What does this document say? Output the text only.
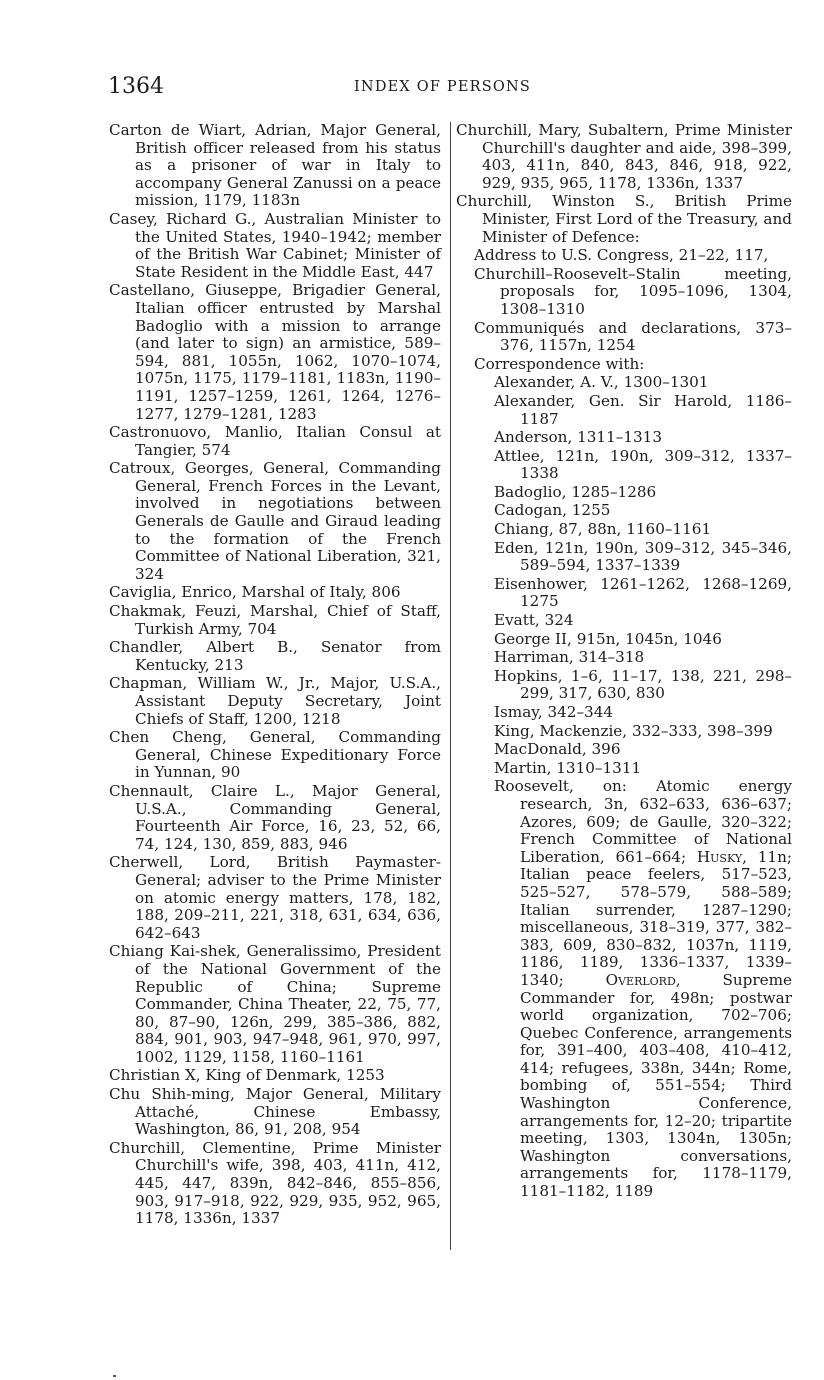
1364	INDEX OF PERSONS

Carton de Wiart, Adrian, Major General, British officer released from his status as a prisoner of war in Italy to accompany General Zanussi on a peace mission, 1179, 1183n

Casey, Richard G., Australian Minister to the United States, 1940–1942; member of the British War Cabinet; Minister of State Resident in the Middle East, 447

Castellano, Giuseppe, Brigadier General, Italian officer entrusted by Marshal Badoglio with a mission to arrange (and later to sign) an armistice, 589–594, 881, 1055n, 1062, 1070–1074, 1075n, 1175, 1179–1181, 1183n, 1190–1191, 1257–1259, 1261, 1264, 1276–1277, 1279–1281, 1283

Castronuovo, Manlio, Italian Consul at Tangier, 574

Catroux, Georges, General, Commanding General, French Forces in the Levant, involved in negotiations between Generals de Gaulle and Giraud leading to the formation of the French Committee of National Liberation, 321, 324

Caviglia, Enrico, Marshal of Italy, 806

Chakmak, Feuzi, Marshal, Chief of Staff, Turkish Army, 704

Chandler, Albert B., Senator from Kentucky, 213

Chapman, William W., Jr., Major, U.S.A., Assistant Deputy Secretary, Joint Chiefs of Staff, 1200, 1218

Chen Cheng, General, Commanding General, Chinese Expeditionary Force in Yunnan, 90

Chennault, Claire L., Major General, U.S.A., Commanding General, Fourteenth Air Force, 16, 23, 52, 66, 74, 124, 130, 859, 883, 946

Cherwell, Lord, British Paymaster-General; adviser to the Prime Minister on atomic energy matters, 178, 182, 188, 209–211, 221, 318, 631, 634, 636, 642–643

Chiang Kai-shek, Generalissimo, President of the National Government of the Republic of China; Supreme Commander, China Theater, 22, 75, 77, 80, 87–90, 126n, 299, 385–386, 882, 884, 901, 903, 947–948, 961, 970, 997, 1002, 1129, 1158, 1160–1161

Christian X, King of Denmark, 1253

Chu Shih-ming, Major General, Military Attaché, Chinese Embassy, Washington, 86, 91, 208, 954

Churchill, Clementine, Prime Minister Churchill's wife, 398, 403, 411n, 412, 445, 447, 839n, 842–846, 855–856, 903, 917–918, 922, 929, 935, 952, 965, 1178, 1336n, 1337

Churchill, Mary, Subaltern, Prime Minister Churchill's daughter and aide, 398–399, 403, 411n, 840, 843, 846, 918, 922, 929, 935, 965, 1178, 1336n, 1337

Churchill, Winston S., British Prime Minister, First Lord of the Treasury, and Minister of Defence:

Address to U.S. Congress, 21–22, 117,

Churchill–Roosevelt–Stalin meeting, proposals for, 1095–1096, 1304, 1308–1310

Communiqués and declarations, 373–376, 1157n, 1254

Correspondence with:

Alexander, A. V., 1300–1301

Alexander, Gen. Sir Harold, 1186–1187

Anderson, 1311–1313

Attlee, 121n, 190n, 309–312, 1337–1338

Badoglio, 1285–1286

Cadogan, 1255

Chiang, 87, 88n, 1160–1161

Eden, 121n, 190n, 309–312, 345–346, 589–594, 1337–1339

Eisenhower, 1261–1262, 1268–1269, 1275

Evatt, 324

George II, 915n, 1045n, 1046

Harriman, 314–318

Hopkins, 1–6, 11–17, 138, 221, 298–299, 317, 630, 830

Ismay, 342–344

King, Mackenzie, 332–333, 398–399

MacDonald, 396

Martin, 1310–1311

Roosevelt, on: Atomic energy research, 3n, 632–633, 636–637; Azores, 609; de Gaulle, 320–322; French Committee of National Liberation, 661–664; Husky, 11n; Italian peace feelers, 517–523, 525–527, 578–579, 588–589; Italian surrender, 1287–1290; miscellaneous, 318–319, 377, 382–383, 609, 830–832, 1037n, 1119, 1186, 1189, 1336–1337, 1339–1340;	Overlord, Supreme Commander for, 498n; postwar world organization, 702–706; Quebec Conference, arrangements for, 391–400, 403–408, 410–412, 414; refugees, 338n, 344n; Rome, bombing of, 551–554; Third Washington Conference, arrangements for, 12–20; tripartite meeting, 1303, 1304n, 1305n; Washington conversations, arrangements for, 1178–1179, 1181–1182, 1189
